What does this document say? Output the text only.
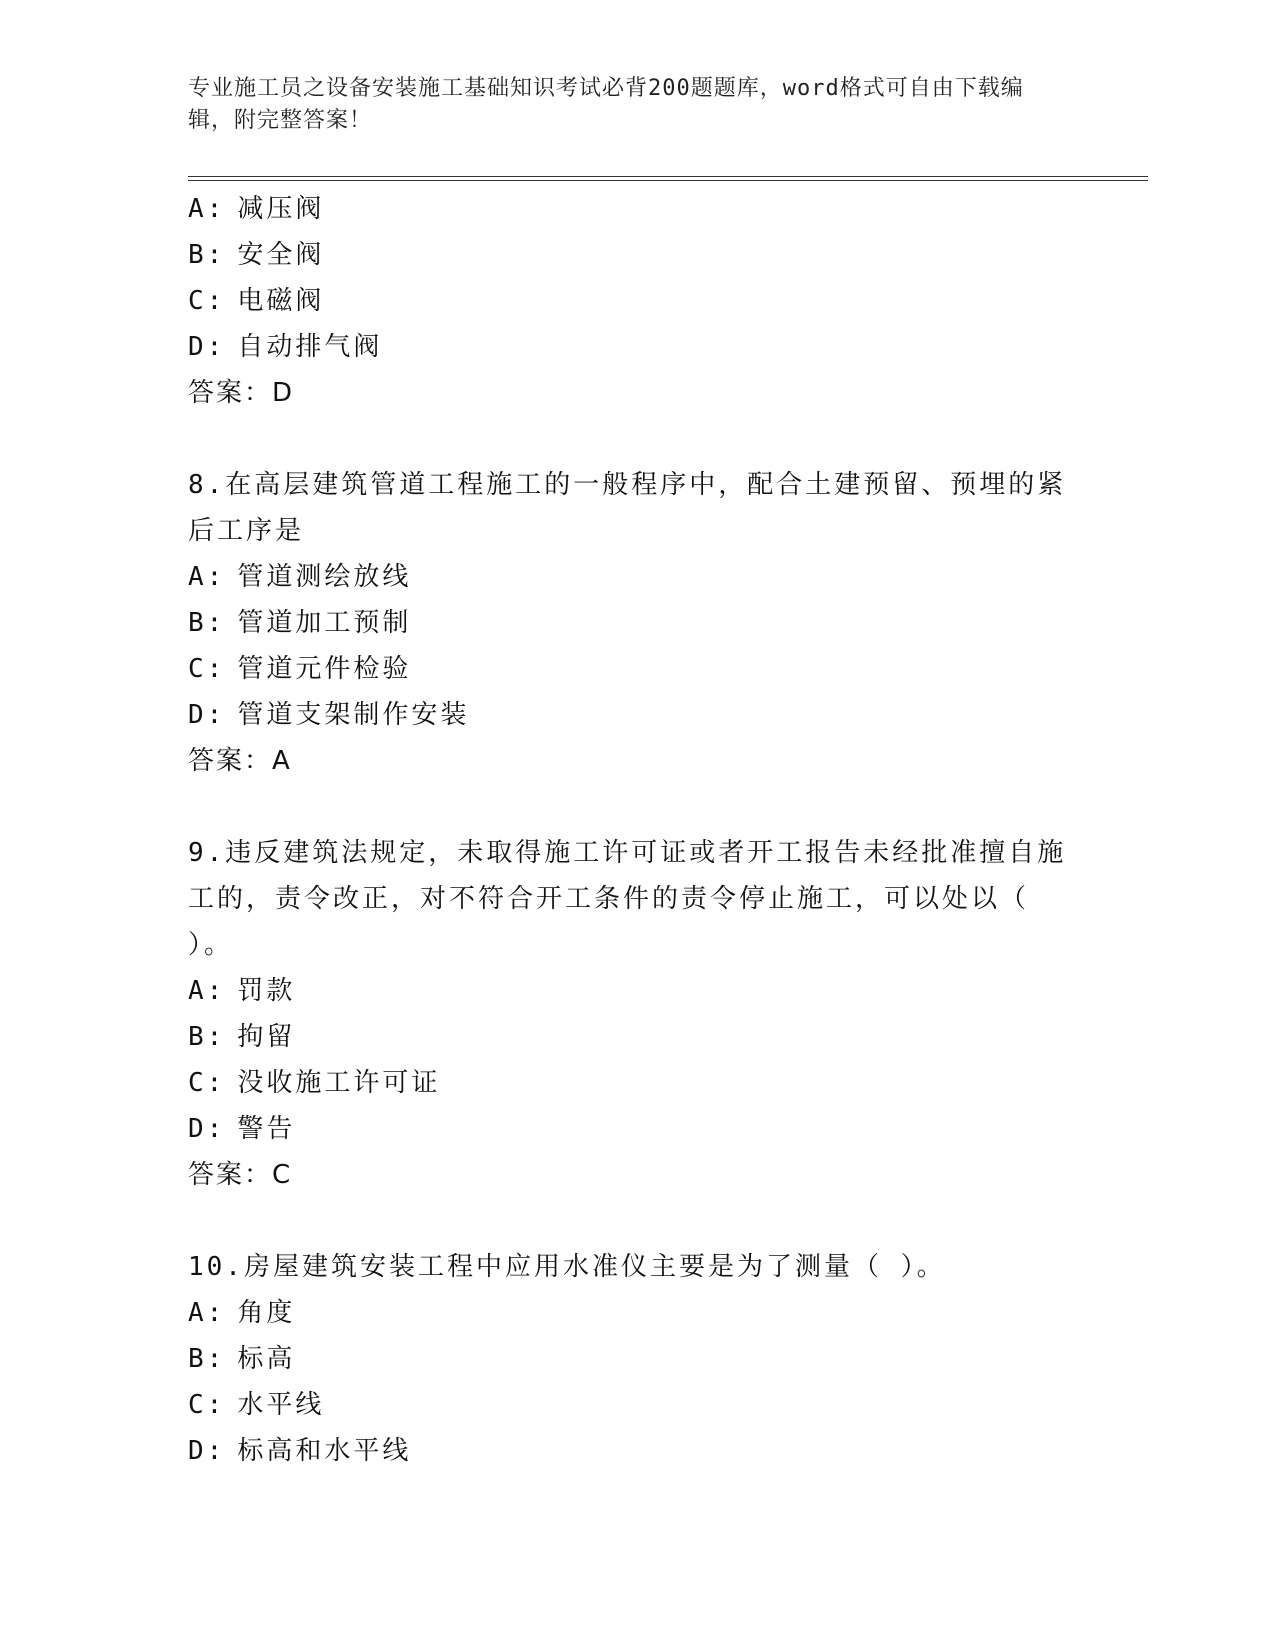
专业施工员之设备安装施工基础知识考试必背200题题库，word格式可自由下载编辑，附完整答案！
A: 减压阀
B: 安全阀
C: 电磁阀
D: 自动排气阀
答案：D
8.在高层建筑管道工程施工的一般程序中，配合土建预留、预埋的紧后工序是
A: 管道测绘放线
B: 管道加工预制
C: 管道元件检验
D: 管道支架制作安装
答案：A
9.违反建筑法规定，未取得施工许可证或者开工报告未经批准擅自施工的，责令改正，对不符合开工条件的责令停止施工，可以处以（ ）。
A: 罚款
B: 拘留
C: 没收施工许可证
D: 警告
答案：C
10.房屋建筑安装工程中应用水准仪主要是为了测量（ ）。
A: 角度
B: 标高
C: 水平线
D: 标高和水平线
